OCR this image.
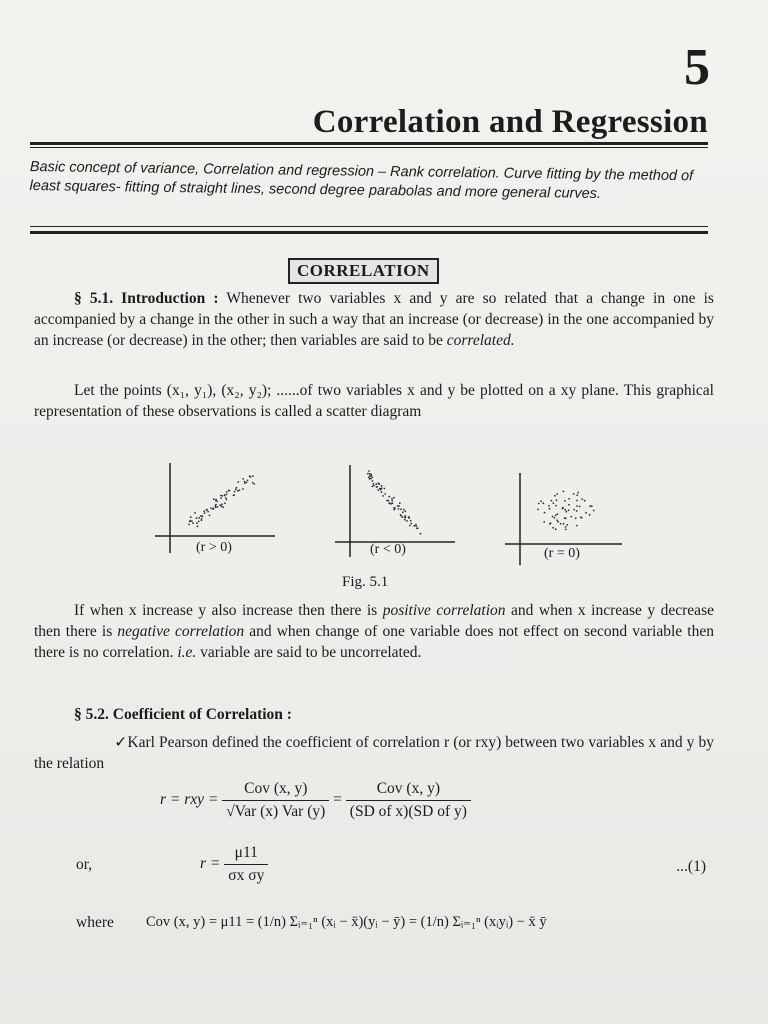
5
Correlation and Regression
Basic concept of variance, Correlation and regression – Rank correlation. Curve fitting by the method of least squares- fitting of straight lines, second degree parabolas and more general curves.
CORRELATION
§ 5.1. Introduction : Whenever two variables x and y are so related that a change in one is accompanied by a change in the other in such a way that an increase (or decrease) in the one accompanied by an increase (or decrease) in the other; then variables are said to be correlated.
Let the points (x₁, y₁), (x₂, y₂); ......of two variables x and y be plotted on a xy plane. This graphical representation of these observations is called a scatter diagram
(r > 0)	(r < 0)	(r = 0)
Fig. 5.1
If when x increase y also increase then there is positive correlation and when x increase y decrease then there is negative correlation and when change of one variable does not effect on second variable then there is no correlation. i.e. variable are said to be uncorrelated.
§ 5.2. Coefficient of Correlation :
✓Karl Pearson defined the coefficient of correlation r (or rxy) between two variables x and y by the relation
r = rxy = $\frac{\text{Cov (x, y)}}{\text{√Var (x) Var (y)}} = \frac{\text{Cov (x, y)}}{\text{(SD of x)(SD of y)}}$
or,	$r = \frac{\mu 11}{\text{σx σy}}$	...(1)
where Cov (x, y) = μ11 = (1/n) Σᵢ₌₁ⁿ (xᵢ − x̄)(yᵢ − ȳ) = (1/n) Σᵢ₌₁ⁿ (xᵢyᵢ) − x̄ ȳ
